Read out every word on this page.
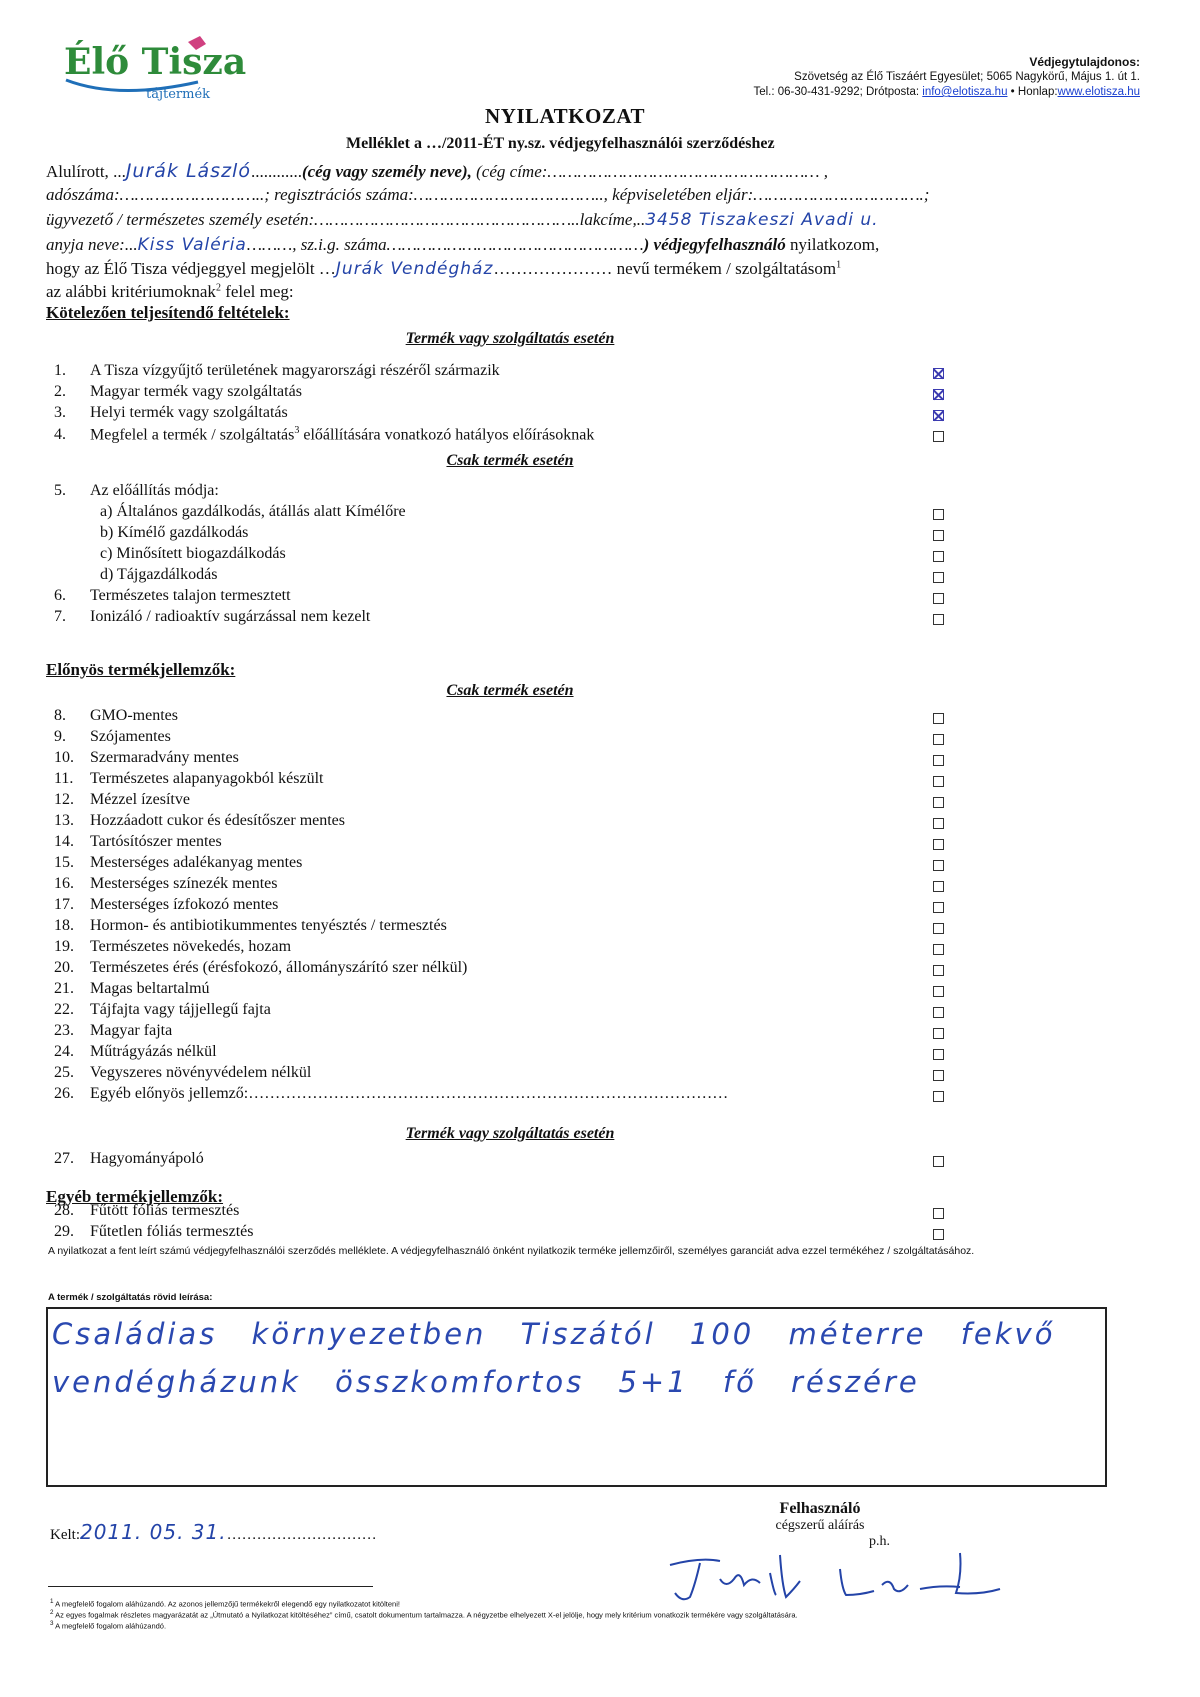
Élő Tisza
tájtermék
Védjegytulajdonos:
Szövetség az Élő Tiszáért Egyesület; 5065 Nagykörű, Május 1. út 1.
Tel.: 06-30-431-9292; Drótposta: info@elotisza.hu • Honlap:www.elotisza.hu
NYILATKOZAT
Melléklet a …/2011-ÉT ny.sz. védjegyfelhasználói szerződéshez
Alulírott, ...Jurák László............(cég vagy személy neve), (cég címe:……………………………………………… ,
adószáma:………………………..; regisztrációs száma:……………………………….., képviseletében eljár:…………………………….;
ügyvezető / természetes személy esetén:……………………………………………..lakcíme,..3458 Tiszakeszi Avadi u.
anyja neve:...Kiss Valéria………, sz.i.g. száma……………………………………………) védjegyfelhasználó nyilatkozom,
hogy az Élő Tisza védjeggyel megjelölt …Jurák Vendégház………………… nevű termékem / szolgáltatásom$^1$
az alábbi kritériumoknak$^2$ felel meg:
Kötelezően teljesítendő feltételek:
Termék vagy szolgáltatás esetén
Csak termék esetén
Előnyös termékjellemzők:
Csak termék esetén
Termék vagy szolgáltatás esetén
Egyéb termékjellemzők:
1. A Tisza vízgyűjtő területének magyarországi részéről származik
2. Magyar termék vagy szolgáltatás
3. Helyi termék vagy szolgáltatás
4. Megfelel a termék / szolgáltatás$^3$ előállítására vonatkozó hatályos előírásoknak
5. Az előállítás módja:
a) Általános gazdálkodás, átállás alatt Kímélőre
b) Kímélő gazdálkodás
c) Minősített biogazdálkodás
d) Tájgazdálkodás
6. Természetes talajon termesztett
7. Ionizáló / radioaktív sugárzással nem kezelt
8. GMO-mentes
9. Szójamentes
10. Szermaradvány mentes
11. Természetes alapanyagokból készült
12. Mézzel ízesítve
13. Hozzáadott cukor és édesítőszer mentes
14. Tartósítószer mentes
15. Mesterséges adalékanyag mentes
16. Mesterséges színezék mentes
17. Mesterséges ízfokozó mentes
18. Hormon- és antibiotikummentes tenyésztés / termesztés
19. Természetes növekedés, hozam
20. Természetes érés (érésfokozó, állományszárító szer nélkül)
21. Magas beltartalmú
22. Tájfajta vagy tájjellegű fajta
23. Magyar fajta
24. Műtrágyázás nélkül
25. Vegyszeres növényvédelem nélkül
26. Egyéb előnyös jellemző:………………………………………………………………………………
27. Hagyományápoló
28. Fűtött fóliás termesztés
29. Fűtetlen fóliás termesztés
A nyilatkozat a fent leírt számú védjegyfelhasználói szerződés melléklete. A védjegyfelhasználó önként nyilatkozik terméke jellemzőiről, személyes garanciát adva ezzel termékéhez / szolgáltatásához.
A termék / szolgáltatás rövid leírása:
Családias környezetben Tiszától 100 méterre fekvő vendégházunk összkomfortos 5+1 fő részére
Kelt:2011. 05. 31.…………………………
Felhasználó
cégszerű aláírás
p.h.
$^1$ A megfelelő fogalom aláhúzandó. Az azonos jellemzőjű termékekről elegendő egy nyilatkozatot kitölteni!
$^2$ Az egyes fogalmak részletes magyarázatát az „Útmutató a Nyilatkozat kitöltéséhez” című, csatolt dokumentum tartalmazza. A négyzetbe elhelyezett X-el jelölje, hogy mely kritérium vonatkozik termékére vagy szolgáltatására.
$^3$ A megfelelő fogalom aláhúzandó.
